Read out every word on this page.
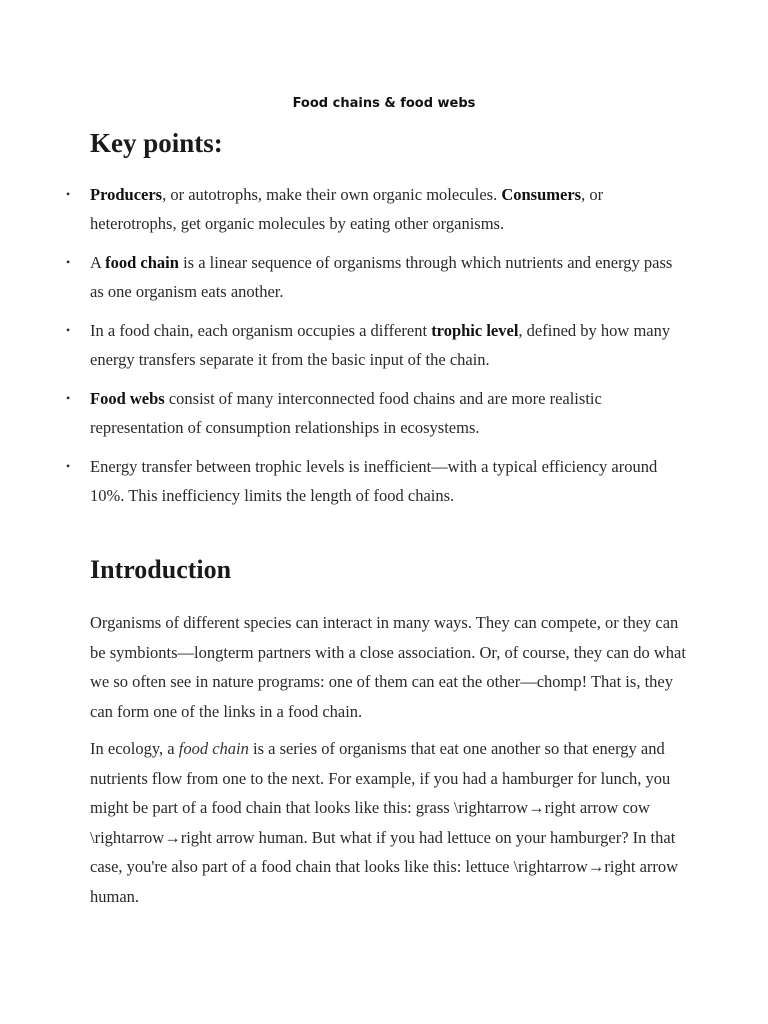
Food chains & food webs
Key points:
• Producers, or autotrophs, make their own organic molecules. Consumers, or heterotrophs, get organic molecules by eating other organisms.
• A food chain is a linear sequence of organisms through which nutrients and energy pass as one organism eats another.
• In a food chain, each organism occupies a different trophic level, defined by how many energy transfers separate it from the basic input of the chain.
• Food webs consist of many interconnected food chains and are more realistic representation of consumption relationships in ecosystems.
• Energy transfer between trophic levels is inefficient—with a typical efficiency around 10%. This inefficiency limits the length of food chains.
Introduction

Organisms of different species can interact in many ways. They can compete, or they can be symbionts—longterm partners with a close association. Or, of course, they can do what we so often see in nature programs: one of them can eat the other—chomp! That is, they can form one of the links in a food chain.

In ecology, a food chain is a series of organisms that eat one another so that energy and nutrients flow from one to the next. For example, if you had a hamburger for lunch, you might be part of a food chain that looks like this: grass \rightarrow→right arrow cow \rightarrow→right arrow human. But what if you had lettuce on your hamburger? In that case, you're also part of a food chain that looks like this: lettuce \rightarrow→right arrow human.
